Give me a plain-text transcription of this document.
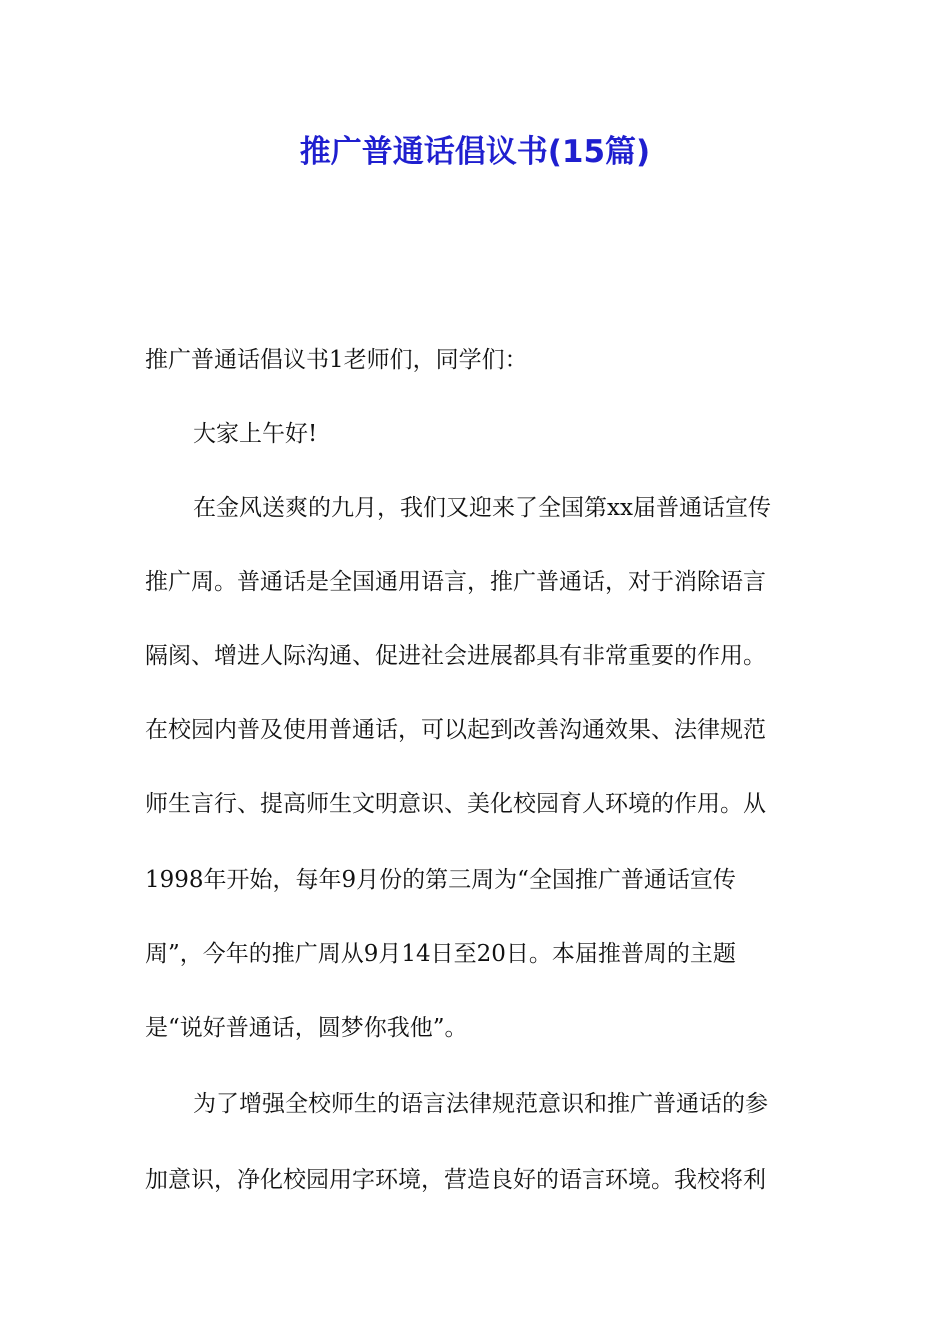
推广普通话倡议书(15篇)

推广普通话倡议书1老师们，同学们：

大家上午好!

在金风送爽的九月，我们又迎来了全国第xx届普通话宣传

推广周。普通话是全国通用语言，推广普通话，对于消除语言

隔阂、增进人际沟通、促进社会进展都具有非常重要的作用。

在校园内普及使用普通话，可以起到改善沟通效果、法律规范

师生言行、提高师生文明意识、美化校园育人环境的作用。从

1998年开始，每年9月份的第三周为“全国推广普通话宣传

周”，今年的推广周从9月14日至20日。本届推普周的主题

是“说好普通话，圆梦你我他”。

为了增强全校师生的语言法律规范意识和推广普通话的参

加意识，净化校园用字环境，营造良好的语言环境。我校将利
